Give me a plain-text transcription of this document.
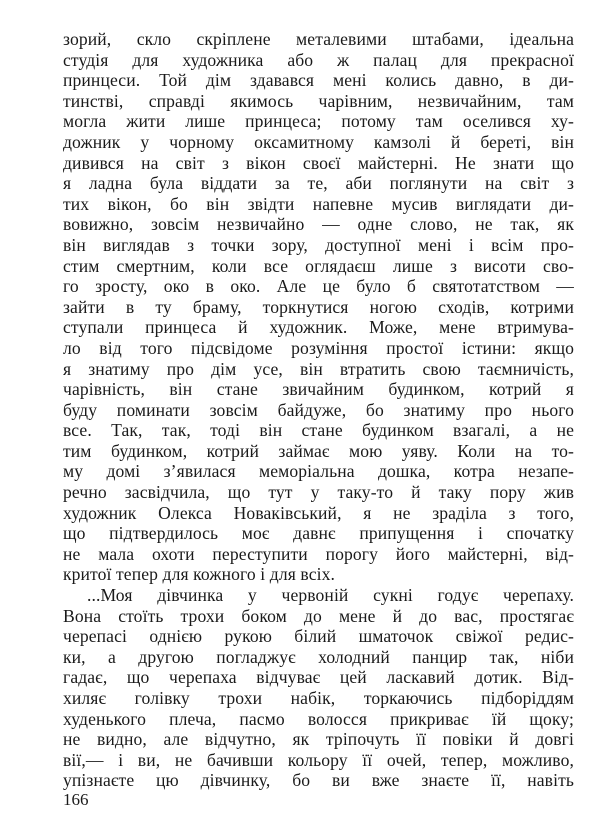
зорий, скло скріплене металевими штабами, ідеальна
студія для художника або ж палац для прекрасної
принцеси. Той дім здавався мені колись давно, в ди-
тинстві, справді якимось чарівним, незвичайним, там
могла жити лише принцеса; потому там оселився ху-
дожник у чорному оксамитному камзолі й береті, він
дивився на світ з вікон своєї майстерні. Не знати що
я ладна була віддати за те, аби поглянути на світ з
тих вікон, бо він звідти напевне мусив виглядати ди-
вовижно, зовсім незвичайно — одне слово, не так, як
він виглядав з точки зору, доступної мені і всім про-
стим смертним, коли все оглядаєш лише з висоти сво-
го зросту, око в око. Але це було б святотатством —
зайти в ту браму, торкнутися ногою сходів, котрими
ступали принцеса й художник. Може, мене втримува-
ло від того підсвідоме розуміння простої істини: якщо
я знатиму про дім усе, він втратить свою таємничість,
чарівність, він стане звичайним будинком, котрий я
буду поминати зовсім байдуже, бо знатиму про нього
все. Так, так, тоді він стане будинком взагалі, а не
тим будинком, котрий займає мою уяву. Коли на то-
му домі з’явилася меморіальна дошка, котра незапе-
речно засвідчила, що тут у таку-то й таку пору жив
художник Олекса Новаківський, я не зраділа з того,
що підтвердилось моє давнє припущення і спочатку
не мала охоти переступити порогу його майстерні, від-
критої тепер для кожного і для всіх.
...Моя дівчинка у червоній сукні годує черепаху.
Вона стоїть трохи боком до мене й до вас, простягає
черепасі однією рукою білий шматочок свіжої редис-
ки, а другою погладжує холодний панцир так, ніби
гадає, що черепаха відчуває цей ласкавий дотик. Від-
хиляє голівку трохи набік, торкаючись підборіддям
худенького плеча, пасмо волосся прикриває їй щоку;
не видно, але відчутно, як тріпочуть її повіки й довгі
вії,— і ви, не бачивши кольору її очей, тепер, можливо,
упізнаєте цю дівчинку, бо ви вже знаєте її, навіть
166
